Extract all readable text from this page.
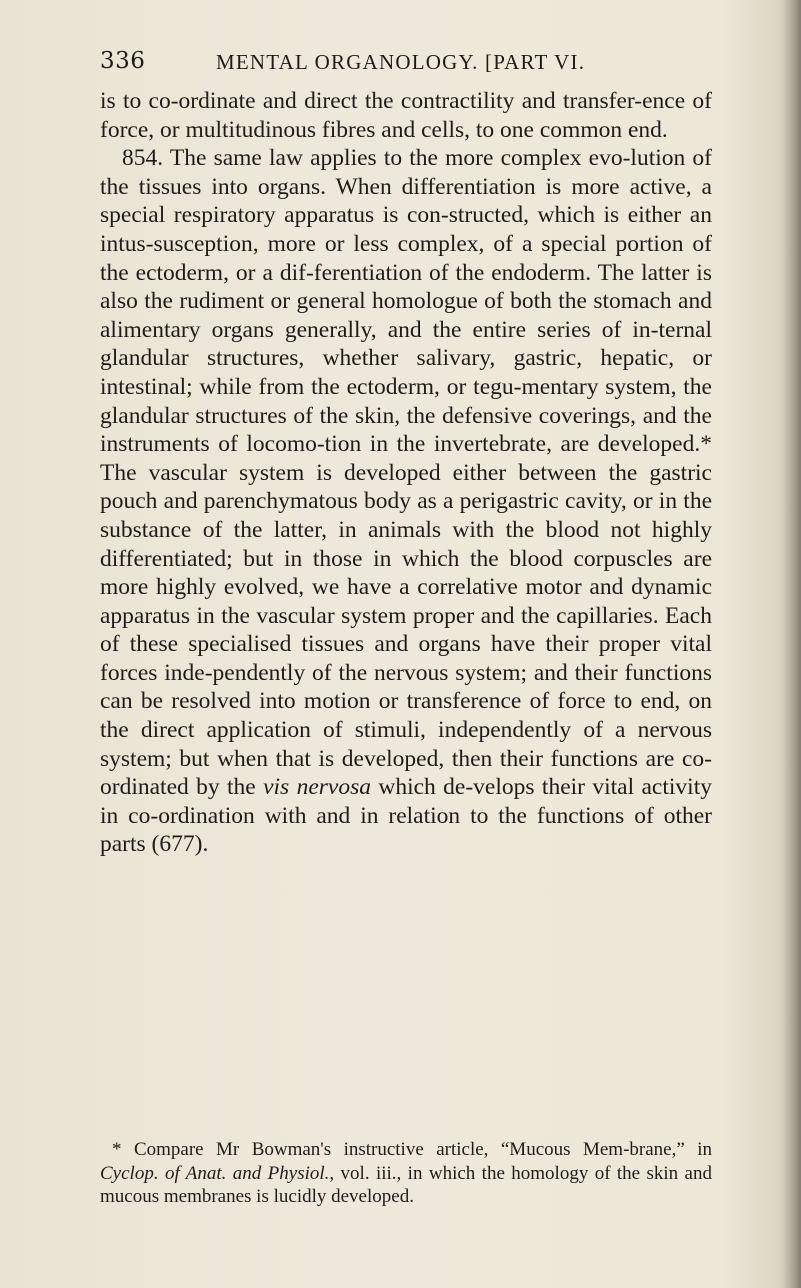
336	MENTAL ORGANOLOGY. [PART VI.

is to co-ordinate and direct the contractility and transfer-ence of force, or multitudinous fibres and cells, to one common end.

854. The same law applies to the more complex evo-lution of the tissues into organs. When differentiation is more active, a special respiratory apparatus is con-structed, which is either an intus-susception, more or less complex, of a special portion of the ectoderm, or a dif-ferentiation of the endoderm. The latter is also the rudiment or general homologue of both the stomach and alimentary organs generally, and the entire series of in-ternal glandular structures, whether salivary, gastric, hepatic, or intestinal; while from the ectoderm, or tegu-mentary system, the glandular structures of the skin, the defensive coverings, and the instruments of locomo-tion in the invertebrate, are developed.* The vascular system is developed either between the gastric pouch and parenchymatous body as a perigastric cavity, or in the substance of the latter, in animals with the blood not highly differentiated; but in those in which the blood corpuscles are more highly evolved, we have a correlative motor and dynamic apparatus in the vascular system proper and the capillaries. Each of these specialised tissues and organs have their proper vital forces inde-pendently of the nervous system; and their functions can be resolved into motion or transference of force to end, on the direct application of stimuli, independently of a nervous system; but when that is developed, then their functions are co-ordinated by the vis nervosa which de-velops their vital activity in co-ordination with and in relation to the functions of other parts (677).

* Compare Mr Bowman's instructive article, “Mucous Mem-brane,” in Cyclop. of Anat. and Physiol., vol. iii., in which the homology of the skin and mucous membranes is lucidly developed.
